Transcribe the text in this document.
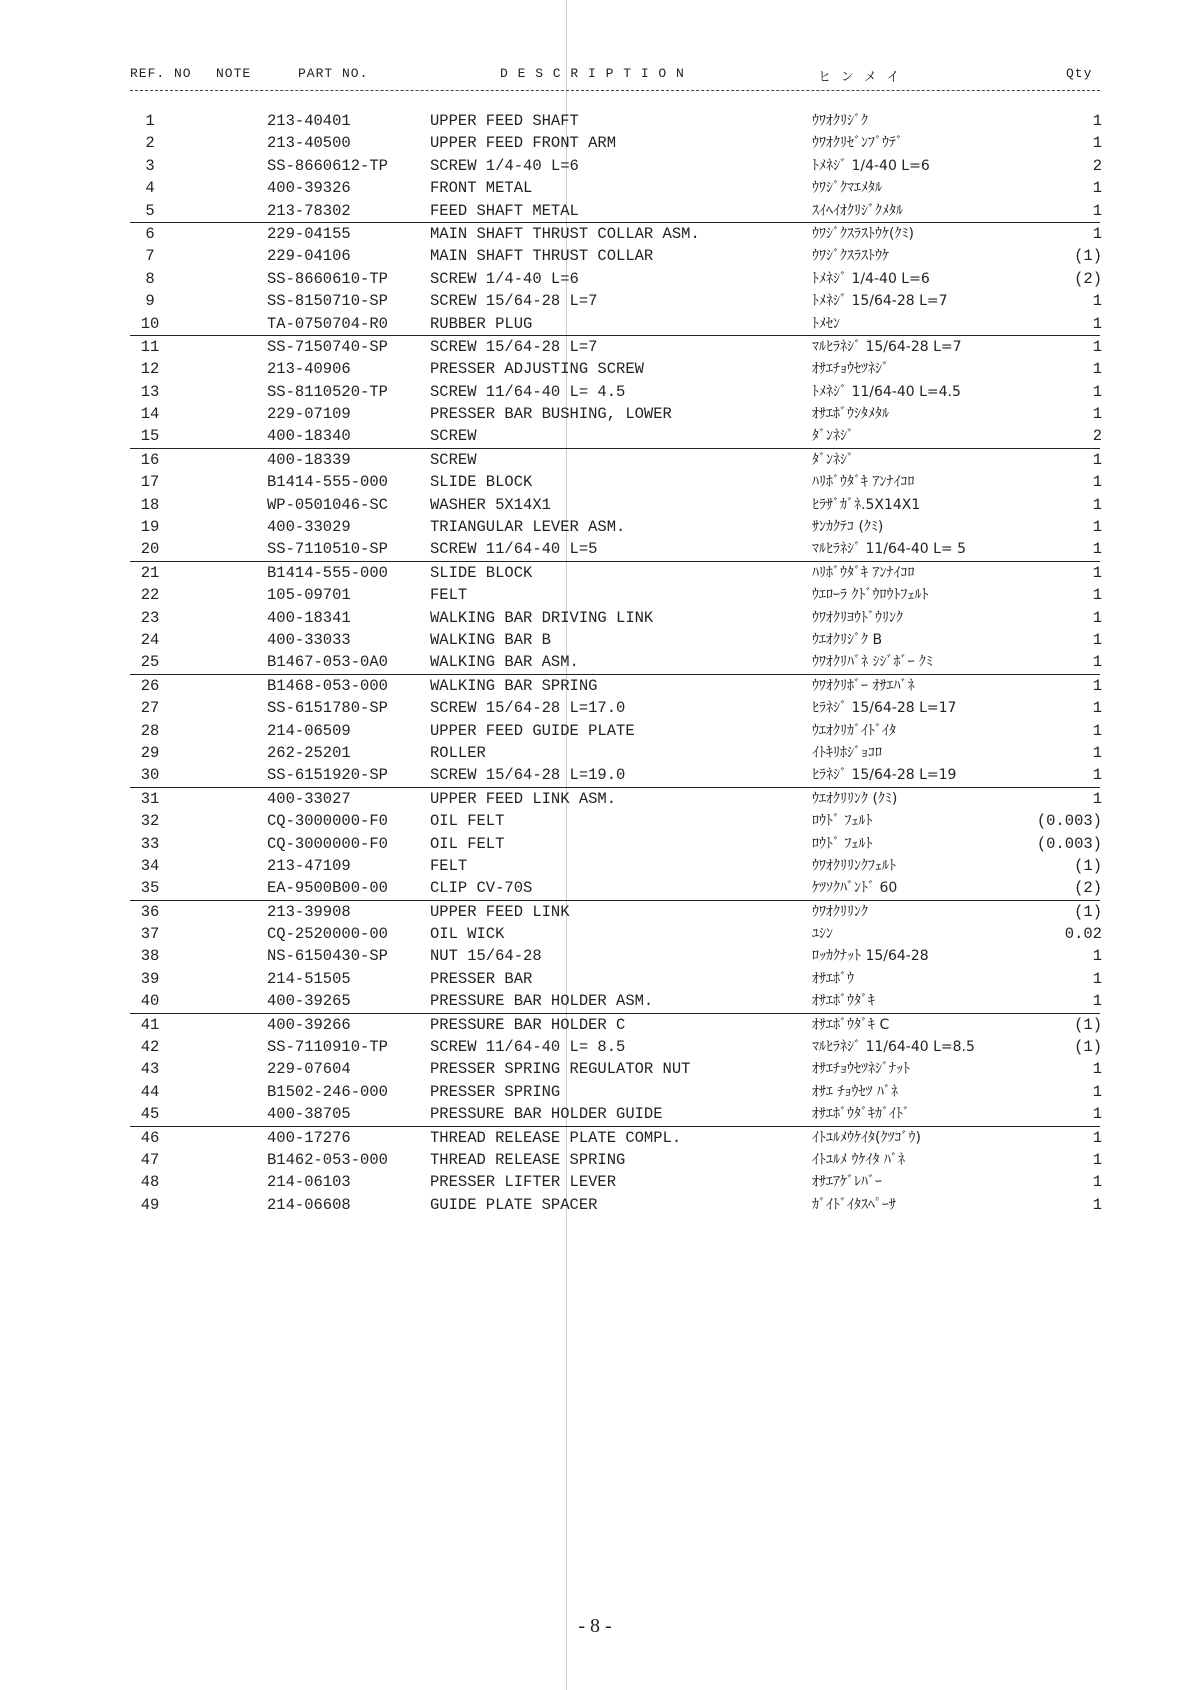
REF. NO NOTE	PART NO.	D E S C R I P T I O N	ヒ ン メ イ	Qty
1	213-40401	UPPER FEED SHAFT	ｳﾜｵｸﾘｼﾞｸ	1
2	213-40500	UPPER FEED FRONT ARM	ｳﾜｵｸﾘｾﾞﾝﾌﾞｳﾃﾞ	1
3	SS-8660612-TP	SCREW 1/4-40 L=6	ﾄﾒﾈｼﾞ 1/4-40 L=6	2
4	400-39326	FRONT METAL	ｳﾜｼﾞｸﾏｴﾒﾀﾙ	1
5	213-78302	FEED SHAFT METAL	ｽｲﾍｲｵｸﾘｼﾞｸﾒﾀﾙ	1
6	229-04155	MAIN SHAFT THRUST COLLAR ASM.	ｳﾜｼﾞｸｽﾗｽﾄｳｹ(ｸﾐ)	1
7	229-04106	MAIN SHAFT THRUST COLLAR	ｳﾜｼﾞｸｽﾗｽﾄｳｹ	(1)
8	SS-8660610-TP	SCREW 1/4-40 L=6	ﾄﾒﾈｼﾞ 1/4-40 L=6	(2)
9	SS-8150710-SP	SCREW 15/64-28 L=7	ﾄﾒﾈｼﾞ 15/64-28 L=7	1
10	TA-0750704-R0	RUBBER PLUG	ﾄﾒｾﾝ	1
11	SS-7150740-SP	SCREW 15/64-28 L=7	ﾏﾙﾋﾗﾈｼﾞ 15/64-28 L=7	1
12	213-40906	PRESSER ADJUSTING SCREW	ｵｻｴﾁｮｳｾﾂﾈｼﾞ	1
13	SS-8110520-TP	SCREW 11/64-40 L= 4.5	ﾄﾒﾈｼﾞ 11/64-40 L=4.5	1
14	229-07109	PRESSER BAR BUSHING, LOWER	ｵｻｴﾎﾞｳｼﾀﾒﾀﾙ	1
15	400-18340	SCREW	ﾀﾞﾝﾈｼﾞ	2
16	400-18339	SCREW	ﾀﾞﾝﾈｼﾞ	1
17	B1414-555-000	SLIDE BLOCK	ﾊﾘﾎﾞｳﾀﾞｷ ｱﾝﾅｲｺﾛ	1
18	WP-0501046-SC	WASHER 5X14X1	ﾋﾗｻﾞｶﾞﾈ.5X14X1	1
19	400-33029	TRIANGULAR LEVER ASM.	ｻﾝｶｸﾃｺ (ｸﾐ)	1
20	SS-7110510-SP	SCREW 11/64-40 L=5	ﾏﾙﾋﾗﾈｼﾞ 11/64-40 L= 5	1
21	B1414-555-000	SLIDE BLOCK	ﾊﾘﾎﾞｳﾀﾞｷ ｱﾝﾅｲｺﾛ	1
22	105-09701	FELT	ｳｴﾛｰﾗ ｸﾄﾞｳﾛｳﾄﾌｪﾙﾄ	1
23	400-18341	WALKING BAR DRIVING LINK	ｳﾜｵｸﾘﾖｳﾄﾞｳﾘﾝｸ	1
24	400-33033	WALKING BAR B	ｳｴｵｸﾘｼﾞｸ B	1
25	B1467-053-0A0	WALKING BAR ASM.	ｳﾜｵｸﾘﾊﾞﾈ ｼｼﾞﾎﾞｰ ｸﾐ	1
26	B1468-053-000	WALKING BAR SPRING	ｳﾜｵｸﾘﾎﾞｰ ｵｻｴﾊﾞﾈ	1
27	SS-6151780-SP	SCREW 15/64-28 L=17.0	ﾋﾗﾈｼﾞ 15/64-28 L=17	1
28	214-06509	UPPER FEED GUIDE PLATE	ｳｴｵｸﾘｶﾞｲﾄﾞｲﾀ	1
29	262-25201	ROLLER	ｲﾄｷﾘﾎｼﾞｮｺﾛ	1
30	SS-6151920-SP	SCREW 15/64-28 L=19.0	ﾋﾗﾈｼﾞ 15/64-28 L=19	1
31	400-33027	UPPER FEED LINK ASM.	ｳｴｵｸﾘﾘﾝｸ (ｸﾐ)	1
32	CQ-3000000-F0	OIL FELT	ﾛｳﾄﾞ ﾌｪﾙﾄ	(0.003)
33	CQ-3000000-F0	OIL FELT	ﾛｳﾄﾞ ﾌｪﾙﾄ	(0.003)
34	213-47109	FELT	ｳﾜｵｸﾘﾘﾝｸﾌｪﾙﾄ	(1)
35	EA-9500B00-00	CLIP CV-70S	ｹﾂｿｸﾊﾞﾝﾄﾞ 60	(2)
36	213-39908	UPPER FEED LINK	ｳﾜｵｸﾘﾘﾝｸ	(1)
37	CQ-2520000-00	OIL WICK	ﾕｼﾝ	0.02
38	NS-6150430-SP	NUT 15/64-28	ﾛｯｶｸﾅｯﾄ 15/64-28	1
39	214-51505	PRESSER BAR	ｵｻｴﾎﾞｳ	1
40	400-39265	PRESSURE BAR HOLDER ASM.	ｵｻｴﾎﾞｳﾀﾞｷ	1
41	400-39266	PRESSURE BAR HOLDER C	ｵｻｴﾎﾞｳﾀﾞｷ C	(1)
42	SS-7110910-TP	SCREW 11/64-40 L= 8.5	ﾏﾙﾋﾗﾈｼﾞ 11/64-40 L=8.5	(1)
43	229-07604	PRESSER SPRING REGULATOR NUT	ｵｻｴﾁｮｳｾﾂﾈｼﾞﾅｯﾄ	1
44	B1502-246-000	PRESSER SPRING	ｵｻｴ ﾁｮｳｾﾂ ﾊﾞﾈ	1
45	400-38705	PRESSURE BAR HOLDER GUIDE	ｵｻｴﾎﾞｳﾀﾞｷｶﾞｲﾄﾞ	1
46	400-17276	THREAD RELEASE PLATE COMPL.	ｲﾄﾕﾙﾒｳｹｲﾀ(ｸﾂｺﾞｳ)	1
47	B1462-053-000	THREAD RELEASE SPRING	ｲﾄﾕﾙﾒ ｳｹｲﾀ ﾊﾞﾈ	1
48	214-06103	PRESSER LIFTER LEVER	ｵｻｴｱｹﾞﾚﾊﾞｰ	1
49	214-06608	GUIDE PLATE SPACER	ｶﾞｲﾄﾞｲﾀｽﾍﾟｰｻ	1
- 8 -
